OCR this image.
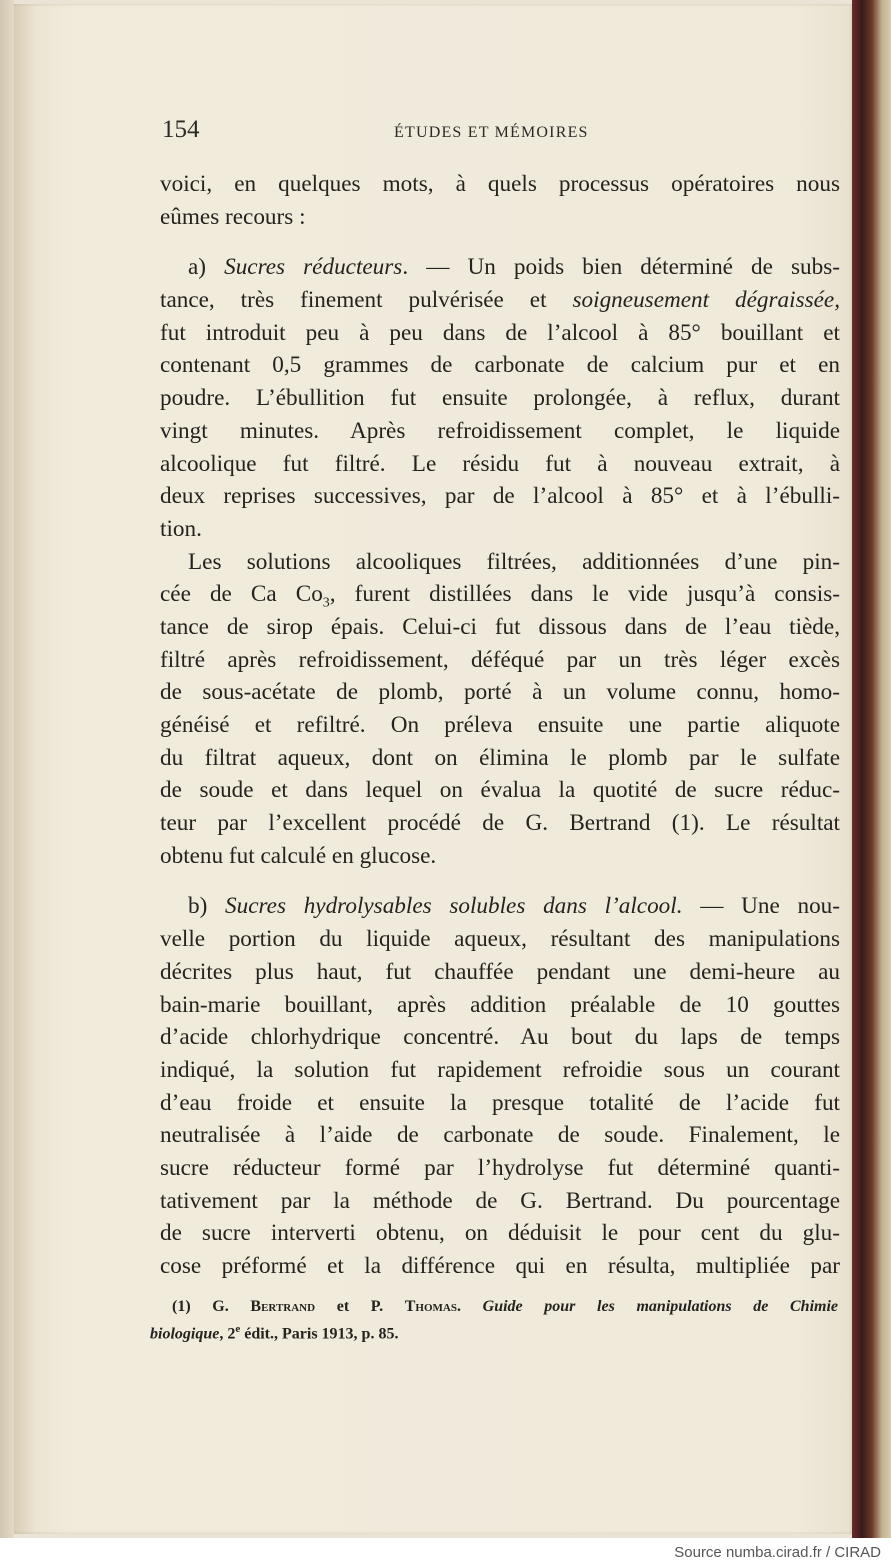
154	ÉTUDES ET MÉMOIRES
voici, en quelques mots, à quels processus opératoires nous
eûmes recours :
a) Sucres réducteurs. — Un poids bien déterminé de subs-
tance, très finement pulvérisée et soigneusement dégraissée,
fut introduit peu à peu dans de l’alcool à 85° bouillant et
contenant 0,5 grammes de carbonate de calcium pur et en
poudre. L’ébullition fut ensuite prolongée, à reflux, durant
vingt minutes. Après refroidissement complet, le liquide
alcoolique fut filtré. Le résidu fut à nouveau extrait, à
deux reprises successives, par de l’alcool à 85° et à l’ébulli-
tion.
Les solutions alcooliques filtrées, additionnées d’une pin-
cée de Ca $Co_3$, furent distillées dans le vide jusqu’à consis-
tance de sirop épais. Celui-ci fut dissous dans de l’eau tiède,
filtré après refroidissement, déféqué par un très léger excès
de sous-acétate de plomb, porté à un volume connu, homo-
généisé et refiltré. On préleva ensuite une partie aliquote
du filtrat aqueux, dont on élimina le plomb par le sulfate
de soude et dans lequel on évalua la quotité de sucre réduc-
teur par l’excellent procédé de G. Bertrand (1). Le résultat
obtenu fut calculé en glucose.
b) Sucres hydrolysables solubles dans l’alcool. — Une nou-
velle portion du liquide aqueux, résultant des manipulations
décrites plus haut, fut chauffée pendant une demi-heure au
bain-marie bouillant, après addition préalable de 10 gouttes
d’acide chlorhydrique concentré. Au bout du laps de temps
indiqué, la solution fut rapidement refroidie sous un courant
d’eau froide et ensuite la presque totalité de l’acide fut
neutralisée à l’aide de carbonate de soude. Finalement, le
sucre réducteur formé par l’hydrolyse fut déterminé quanti-
tativement par la méthode de G. Bertrand. Du pourcentage
de sucre interverti obtenu, on déduisit le pour cent du glu-
cose préformé et la différence qui en résulta, multipliée par
(1) G. Bertrand et P. Thomas. Guide pour les manipulations de Chimie
biologique, 2e édit., Paris 1913, p. 85.
Source numba.cirad.fr / CIRAD
